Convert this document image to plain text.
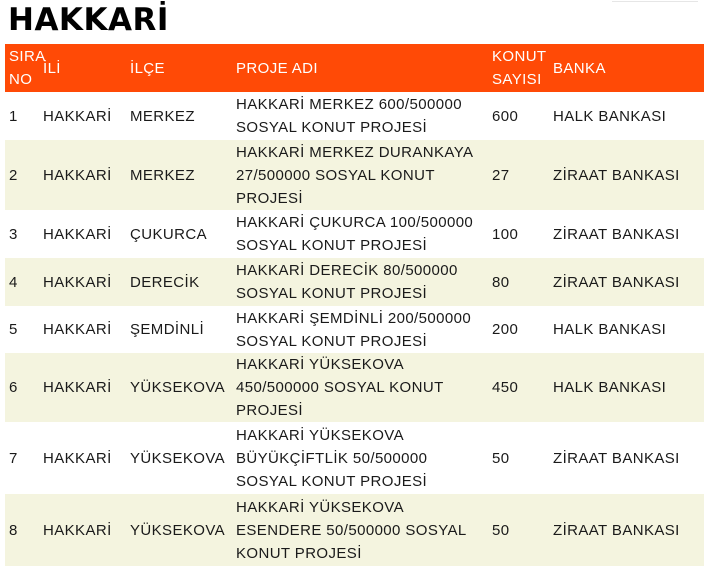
HAKKARİ
SIRA NO	İLİ	İLÇE	PROJE ADI	KONUT SAYISI	BANKA
1	HAKKARİ	MERKEZ	HAKKARİ MERKEZ 600/500000 SOSYAL KONUT PROJESİ	600	HALK BANKASI
2	HAKKARİ	MERKEZ	HAKKARİ MERKEZ DURANKAYA 27/500000 SOSYAL KONUT PROJESİ	27	ZİRAAT BANKASI
3	HAKKARİ	ÇUKURCA	HAKKARİ ÇUKURCA 100/500000 SOSYAL KONUT PROJESİ	100	ZİRAAT BANKASI
4	HAKKARİ	DERECİK	HAKKARİ DERECİK 80/500000 SOSYAL KONUT PROJESİ	80	ZİRAAT BANKASI
5	HAKKARİ	ŞEMDİNLİ	HAKKARİ ŞEMDİNLİ 200/500000 SOSYAL KONUT PROJESİ	200	HALK BANKASI
6	HAKKARİ	YÜKSEKOVA	HAKKARİ YÜKSEKOVA 450/500000 SOSYAL KONUT PROJESİ	450	HALK BANKASI
7	HAKKARİ	YÜKSEKOVA	HAKKARİ YÜKSEKOVA BÜYÜKÇİFTLİK 50/500000 SOSYAL KONUT PROJESİ	50	ZİRAAT BANKASI
8	HAKKARİ	YÜKSEKOVA	HAKKARİ YÜKSEKOVA ESENDERE 50/500000 SOSYAL KONUT PROJESİ	50	ZİRAAT BANKASI
